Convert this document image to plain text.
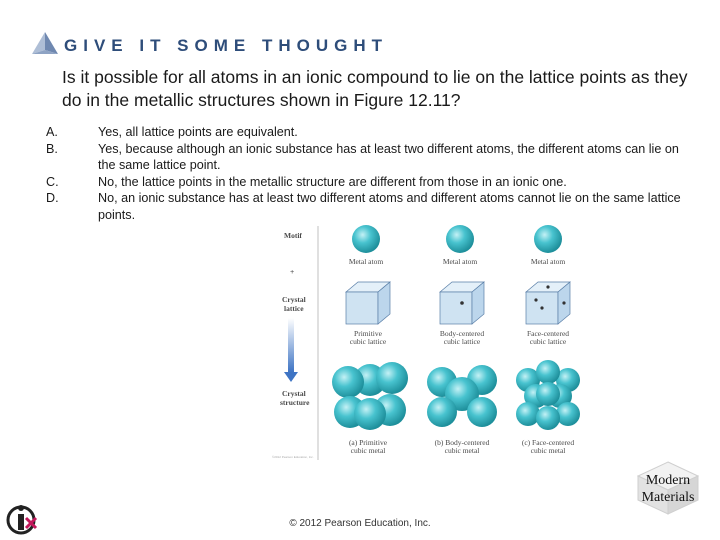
GIVE IT SOME THOUGHT
Is it possible for all atoms in an ionic compound to lie on the lattice points as they do in the metallic structures shown in Figure 12.11?
A.	Yes, all lattice points are equivalent.
B.	Yes, because although an ionic substance has at least two different atoms, the different atoms can lie on the same lattice point.
C.	No, the lattice points in the metallic structure are different from those in an ionic one.
D.	No, an ionic substance has at least two different atoms and different atoms cannot lie on the same lattice points.
Motif
+
Crystal
lattice
Crystal
structure
©2012 Pearson Education, Inc.
Metal atom
Primitive
cubic lattice
(a) Primitive
cubic metal
Metal atom
Body-centered
cubic lattice
(b) Body-centered
cubic metal
Metal atom
Face-centered
cubic lattice
(c) Face-centered
cubic metal
Modern
Materials
© 2012 Pearson Education, Inc.
